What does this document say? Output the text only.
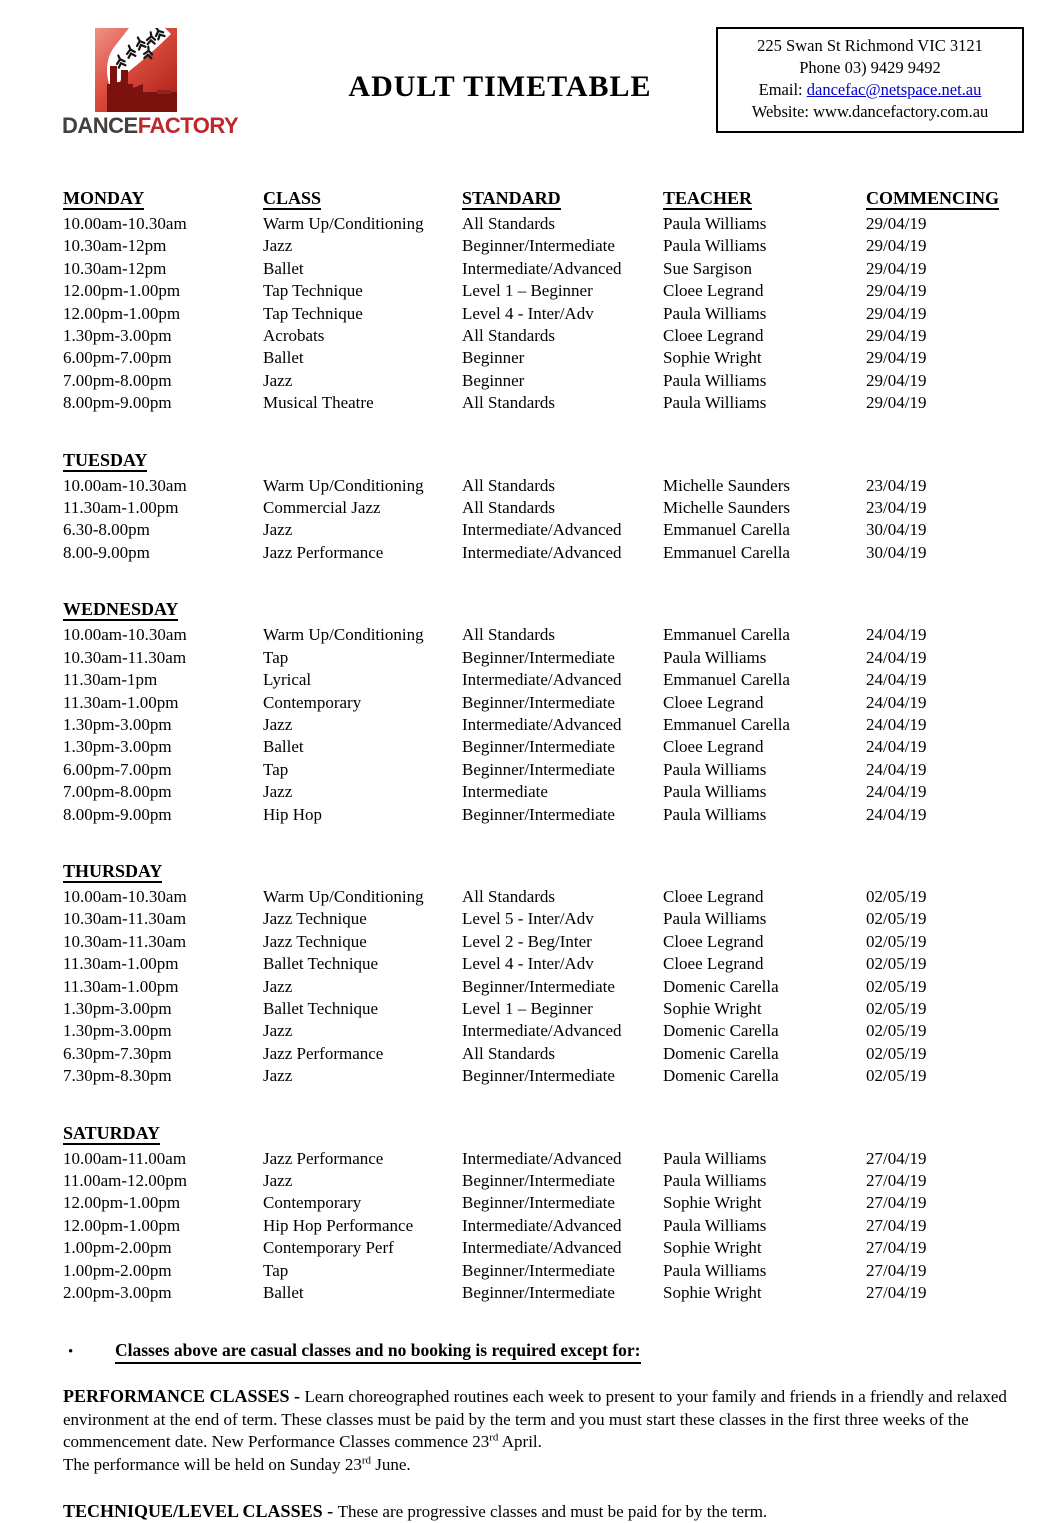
DANCEFACTORY
ADULT TIMETABLE
225 Swan St Richmond VIC 3121
Phone 03) 9429 9492
Email: dancefac@netspace.net.au
Website: www.dancefactory.com.au
MONDAY	CLASS	STANDARD	TEACHER	COMMENCING
10.00am-10.30am	Warm Up/Conditioning	All Standards	Paula Williams	29/04/19
10.30am-12pm	Jazz	Beginner/Intermediate	Paula Williams	29/04/19
10.30am-12pm	Ballet	Intermediate/Advanced	Sue Sargison	29/04/19
12.00pm-1.00pm	Tap Technique	Level 1 – Beginner	Cloee Legrand	29/04/19
12.00pm-1.00pm	Tap Technique	Level 4 - Inter/Adv	Paula Williams	29/04/19
1.30pm-3.00pm	Acrobats	All Standards	Cloee Legrand	29/04/19
6.00pm-7.00pm	Ballet	Beginner	Sophie Wright	29/04/19
7.00pm-8.00pm	Jazz	Beginner	Paula Williams	29/04/19
8.00pm-9.00pm	Musical Theatre	All Standards	Paula Williams	29/04/19
TUESDAY
10.00am-10.30am	Warm Up/Conditioning	All Standards	Michelle Saunders	23/04/19
11.30am-1.00pm	Commercial Jazz	All Standards	Michelle Saunders	23/04/19
6.30-8.00pm	Jazz	Intermediate/Advanced	Emmanuel Carella	30/04/19
8.00-9.00pm	Jazz Performance	Intermediate/Advanced	Emmanuel Carella	30/04/19
WEDNESDAY
10.00am-10.30am	Warm Up/Conditioning	All Standards	Emmanuel Carella	24/04/19
10.30am-11.30am	Tap	Beginner/Intermediate	Paula Williams	24/04/19
11.30am-1pm	Lyrical	Intermediate/Advanced	Emmanuel Carella	24/04/19
11.30am-1.00pm	Contemporary	Beginner/Intermediate	Cloee Legrand	24/04/19
1.30pm-3.00pm	Jazz	Intermediate/Advanced	Emmanuel Carella	24/04/19
1.30pm-3.00pm	Ballet	Beginner/Intermediate	Cloee Legrand	24/04/19
6.00pm-7.00pm	Tap	Beginner/Intermediate	Paula Williams	24/04/19
7.00pm-8.00pm	Jazz	Intermediate	Paula Williams	24/04/19
8.00pm-9.00pm	Hip Hop	Beginner/Intermediate	Paula Williams	24/04/19
THURSDAY
10.00am-10.30am	Warm Up/Conditioning	All Standards	Cloee Legrand	02/05/19
10.30am-11.30am	Jazz Technique	Level 5 - Inter/Adv	Paula Williams	02/05/19
10.30am-11.30am	Jazz Technique	Level 2 - Beg/Inter	Cloee Legrand	02/05/19
11.30am-1.00pm	Ballet Technique	Level 4 - Inter/Adv	Cloee Legrand	02/05/19
11.30am-1.00pm	Jazz	Beginner/Intermediate	Domenic Carella	02/05/19
1.30pm-3.00pm	Ballet Technique	Level 1 – Beginner	Sophie Wright	02/05/19
1.30pm-3.00pm	Jazz	Intermediate/Advanced	Domenic Carella	02/05/19
6.30pm-7.30pm	Jazz Performance	All Standards	Domenic Carella	02/05/19
7.30pm-8.30pm	Jazz	Beginner/Intermediate	Domenic Carella	02/05/19
SATURDAY
10.00am-11.00am	Jazz Performance	Intermediate/Advanced	Paula Williams	27/04/19
11.00am-12.00pm	Jazz	Beginner/Intermediate	Paula Williams	27/04/19
12.00pm-1.00pm	Contemporary	Beginner/Intermediate	Sophie Wright	27/04/19
12.00pm-1.00pm	Hip Hop Performance	Intermediate/Advanced	Paula Williams	27/04/19
1.00pm-2.00pm	Contemporary Perf	Intermediate/Advanced	Sophie Wright	27/04/19
1.00pm-2.00pm	Tap	Beginner/Intermediate	Paula Williams	27/04/19
2.00pm-3.00pm	Ballet	Beginner/Intermediate	Sophie Wright	27/04/19
•	Classes above are casual classes and no booking is required except for:

PERFORMANCE CLASSES - Learn choreographed routines each week to present to your family and friends in a friendly and relaxed environment at the end of term. These classes must be paid by the term and you must start these classes in the first three weeks of the commencement date. New Performance Classes commence 23rd April.
The performance will be held on Sunday 23rd June.

TECHNIQUE/LEVEL CLASSES - These are progressive classes and must be paid for by the term.
